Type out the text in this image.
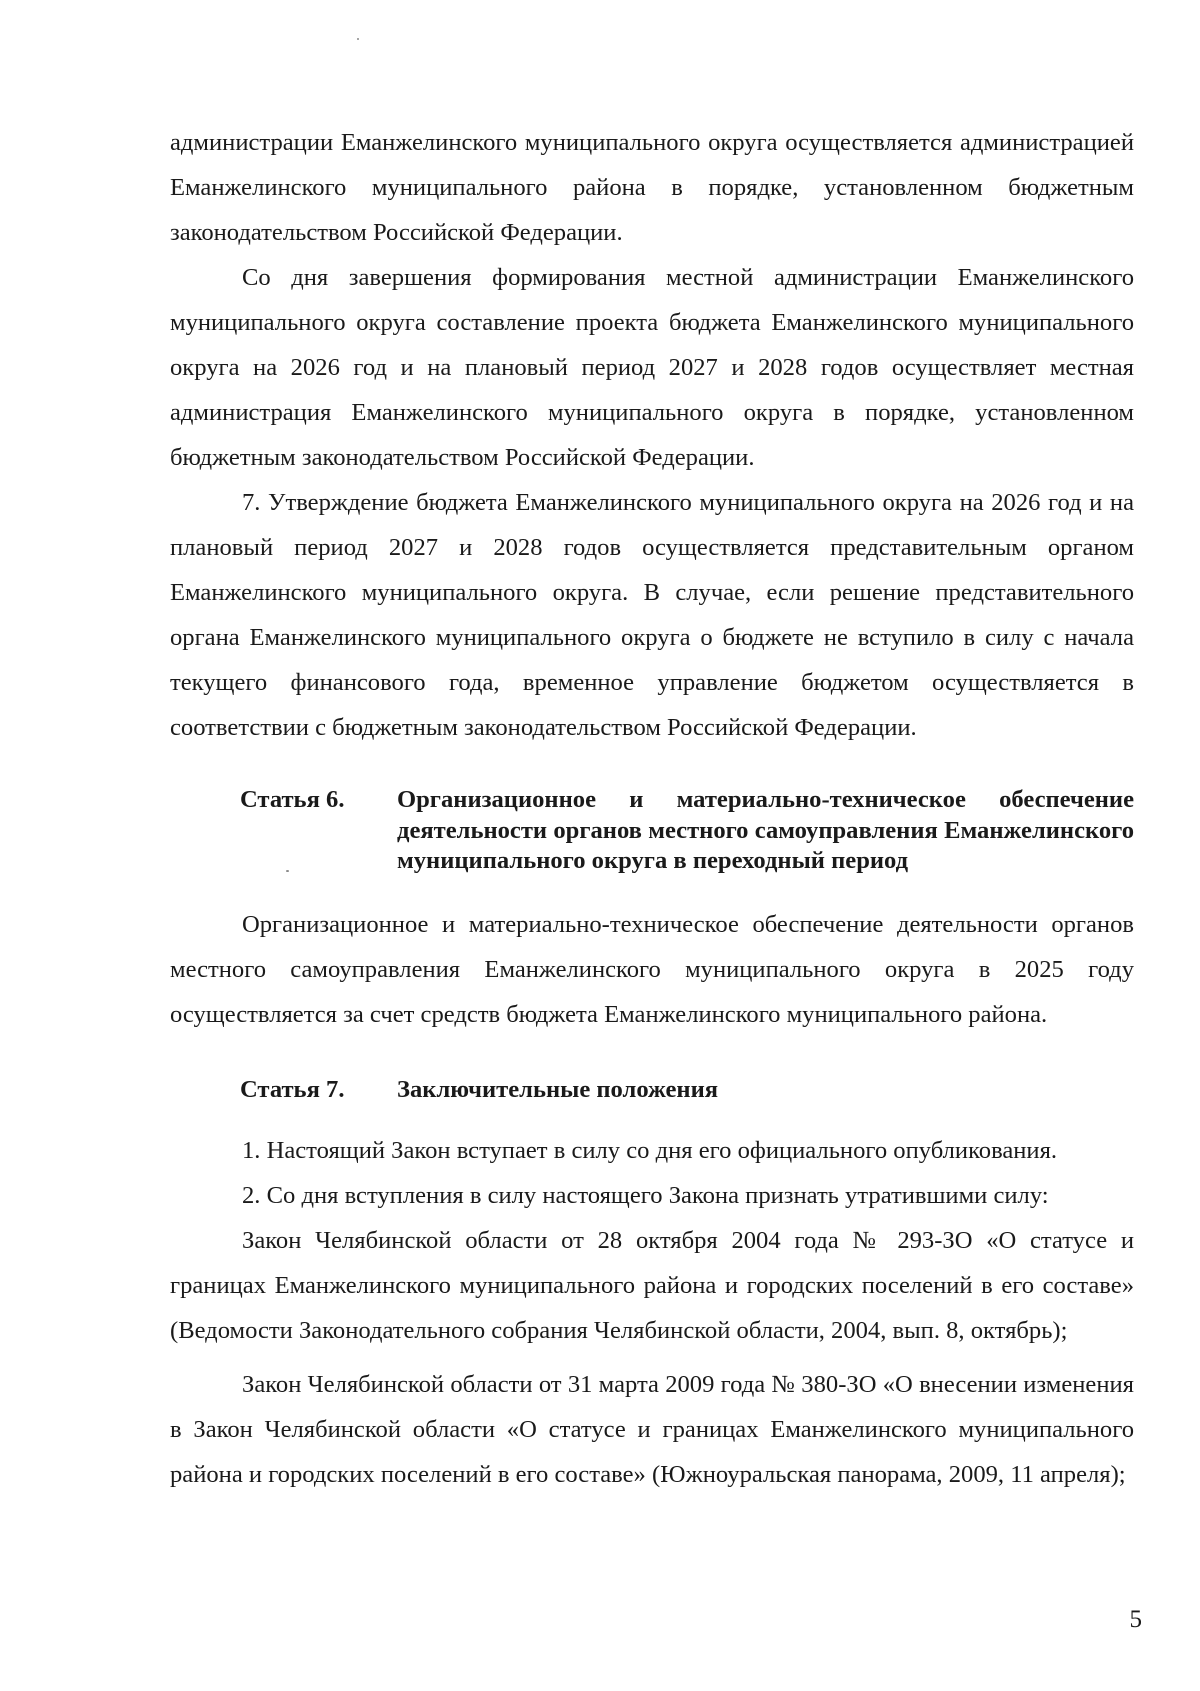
администрации Еманжелинского муниципального округа осуществляется администрацией Еманжелинского муниципального района в порядке, установленном бюджетным законодательством Российской Федерации.

Со дня завершения формирования местной администрации Еманжелинского муниципального округа составление проекта бюджета Еманжелинского муниципального округа на 2026 год и на плановый период 2027 и 2028 годов осуществляет местная администрация Еманжелинского муниципального округа в порядке, установленном бюджетным законодательством Российской Федерации.

7. Утверждение бюджета Еманжелинского муниципального округа на 2026 год и на плановый период 2027 и 2028 годов осуществляется представительным органом Еманжелинского муниципального округа. В случае, если решение представительного органа Еманжелинского муниципального округа о бюджете не вступило в силу с начала текущего финансового года, временное управление бюджетом осуществляется в соответствии с бюджетным законодательством Российской Федерации.

Статья 6. Организационное и материально-техническое обеспечение деятельности органов местного самоуправления Еманжелинского муниципального округа в переходный период

Организационное и материально-техническое обеспечение деятельности органов местного самоуправления Еманжелинского муниципального округа в 2025 году осуществляется за счет средств бюджета Еманжелинского муниципального района.

Статья 7. Заключительные положения

1. Настоящий Закон вступает в силу со дня его официального опубликования.

2. Со дня вступления в силу настоящего Закона признать утратившими силу:

Закон Челябинской области от 28 октября 2004 года № 293-ЗО «О статусе и границах Еманжелинского муниципального района и городских поселений в его составе» (Ведомости Законодательного собрания Челябинской области, 2004, вып. 8, октябрь);

Закон Челябинской области от 31 марта 2009 года № 380-ЗО «О внесении изменения в Закон Челябинской области «О статусе и границах Еманжелинского муниципального района и городских поселений в его составе» (Южноуральская панорама, 2009, 11 апреля);

5
